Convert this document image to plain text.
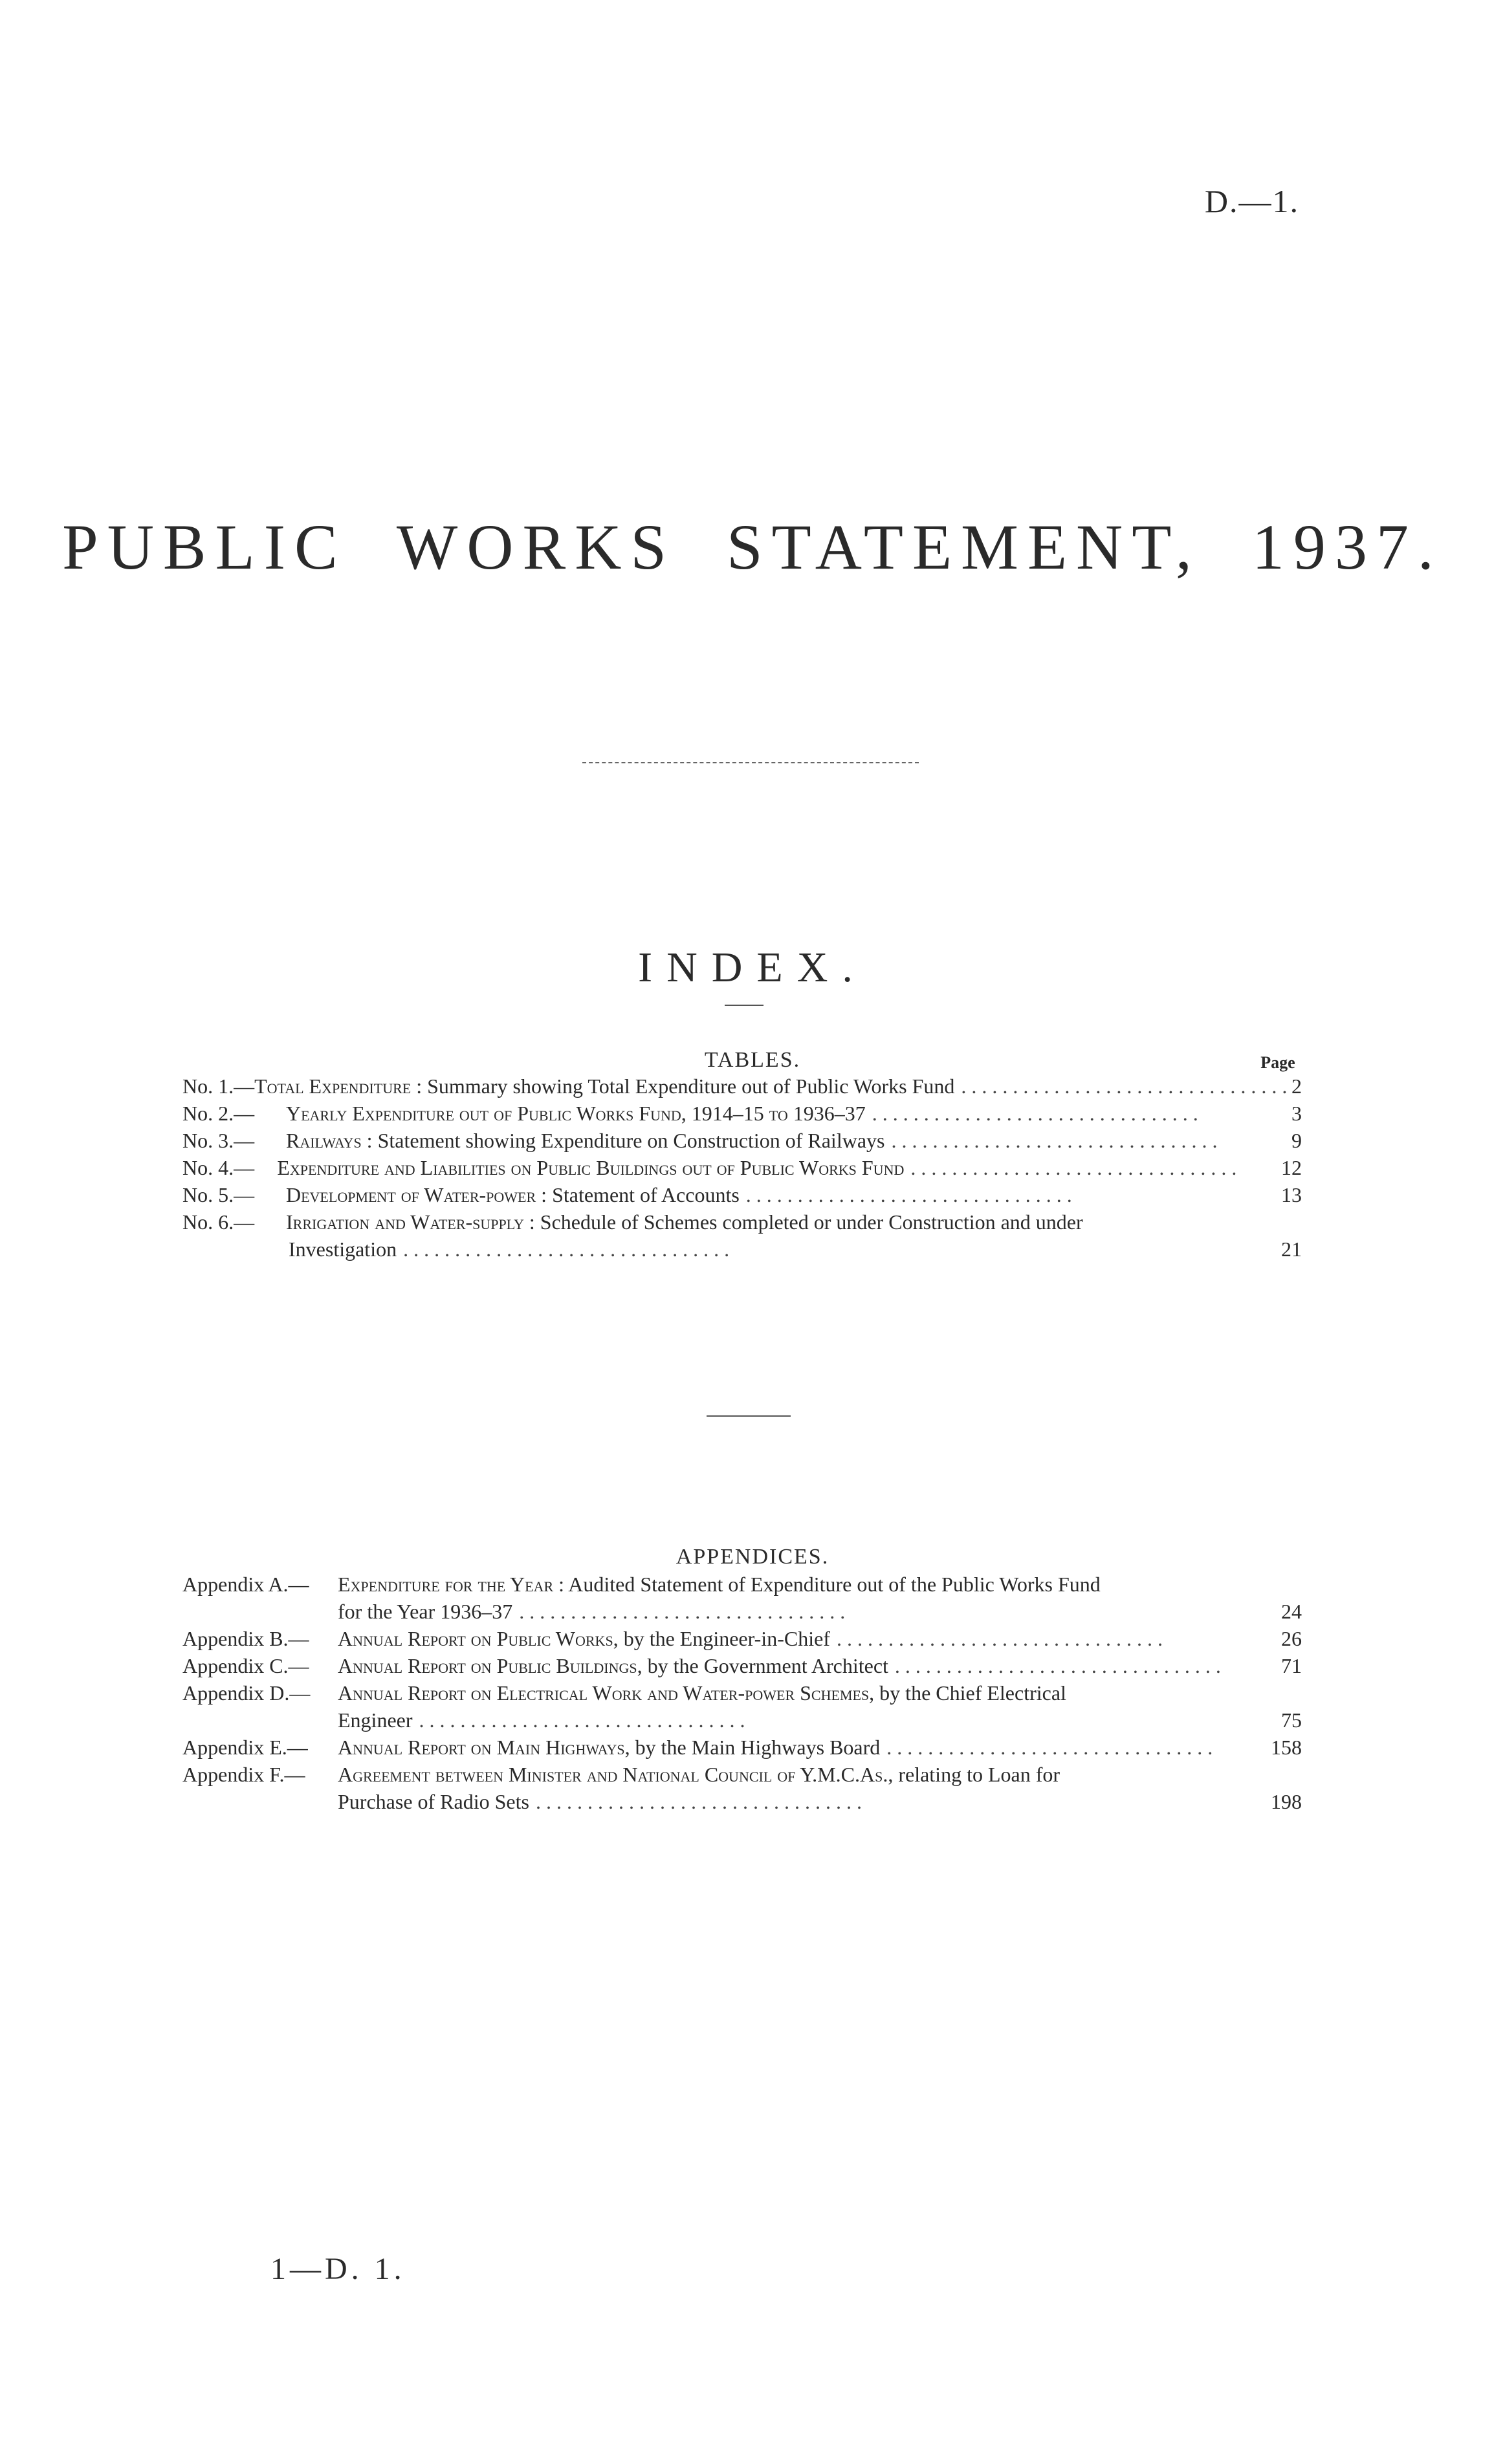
D.—1.
PUBLIC WORKS STATEMENT, 1937.
INDEX.
TABLES.	Page
No. 1.— Total Expenditure : Summary showing Total Expenditure out of Public Works Fund . . . . . . . . . . . . . . . . . . . . . . . . . . . . . . . . 2
No. 2.—	Yearly Expenditure out of Public Works Fund, 1914–15 to 1936–37 . . . . . . . . . . . . . . . . . . . . . . . . . . . . . . . .	3
No. 3.—	Railways : Statement showing Expenditure on Construction of Railways . . . . . . . . . . . . . . . . . . . . . . . . . . . . . . . .	9
No. 4.—	Expenditure and Liabilities on Public Buildings out of Public Works Fund . . . . . . . . . . . . . . . . . . . . . . . . . . . . . . . .	12
No. 5.—	Development of Water-power : Statement of Accounts . . . . . . . . . . . . . . . . . . . . . . . . . . . . . . . .	13
No. 6.—	Irrigation and Water-supply : Schedule of Schemes completed or under Construction and under
Investigation . . . . . . . . . . . . . . . . . . . . . . . . . . . . . . . .	21
APPENDICES.
Appendix A.—	Expenditure for the Year : Audited Statement of Expenditure out of the Public Works Fund
for the Year 1936–37 . . . . . . . . . . . . . . . . . . . . . . . . . . . . . . . .	24
Appendix B.—	Annual Report on Public Works, by the Engineer-in-Chief . . . . . . . . . . . . . . . . . . . . . . . . . . . . . . . .	26
Appendix C.—	Annual Report on Public Buildings, by the Government Architect . . . . . . . . . . . . . . . . . . . . . . . . . . . . . . . .	71
Appendix D.—	Annual Report on Electrical Work and Water-power Schemes, by the Chief Electrical
Engineer . . . . . . . . . . . . . . . . . . . . . . . . . . . . . . . .	75
Appendix E.—	Annual Report on Main Highways, by the Main Highways Board . . . . . . . . . . . . . . . . . . . . . . . . . . . . . . . .	158
Appendix F.—	Agreement between Minister and National Council of Y.M.C.As., relating to Loan for
Purchase of Radio Sets . . . . . . . . . . . . . . . . . . . . . . . . . . . . . . . .	198
1—D. 1.
